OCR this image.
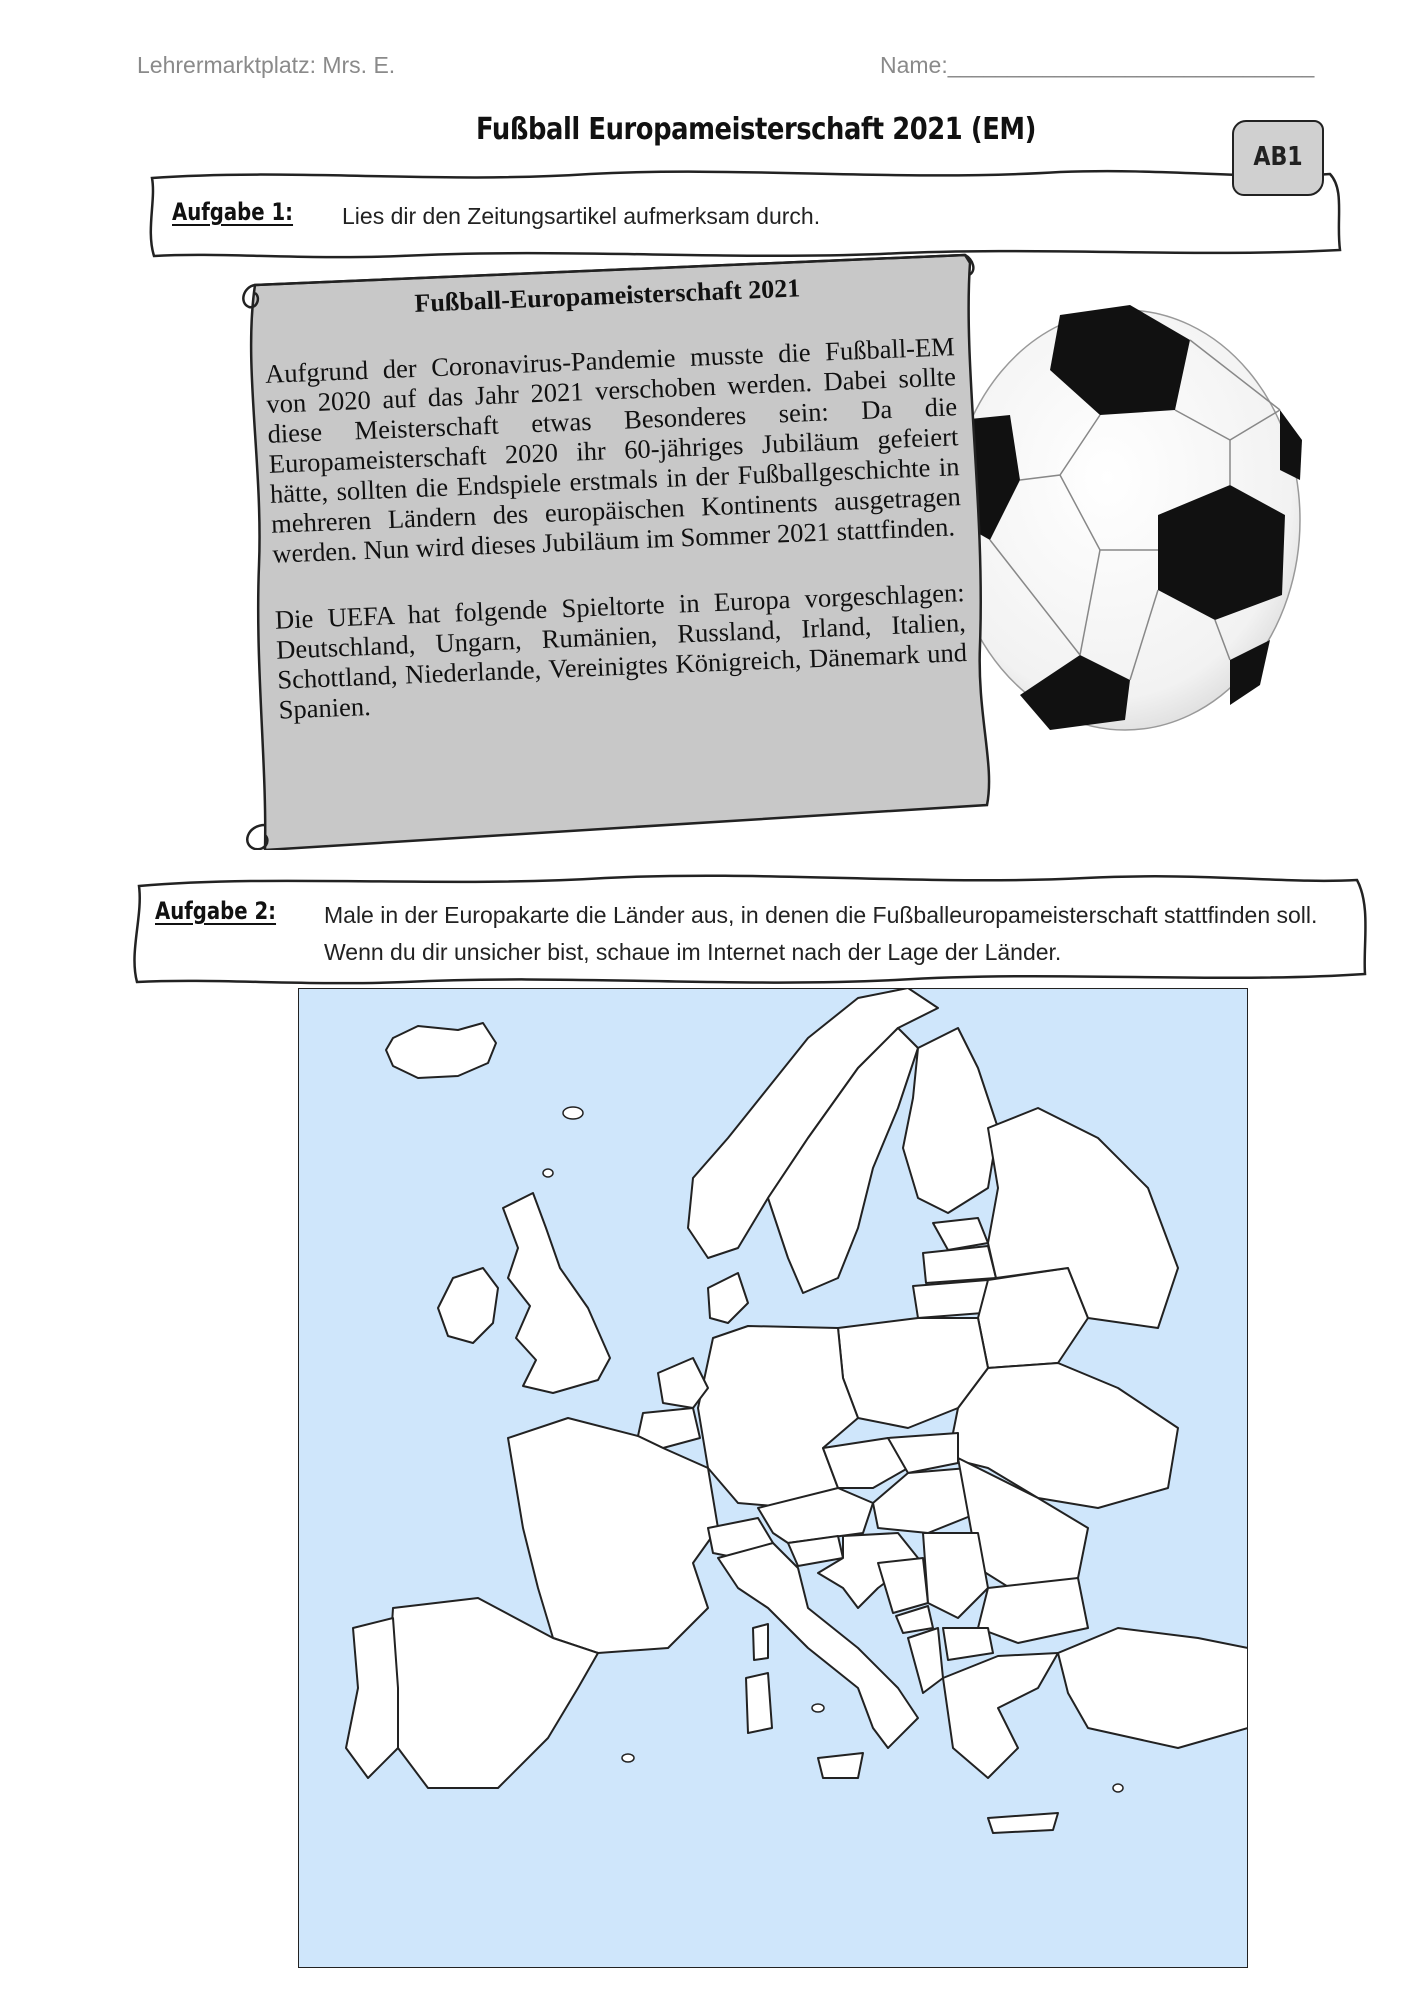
Lehrermarktplatz: Mrs. E.	Name:_______________________________
Fußball Europameisterschaft 2021 (EM)
Aufgabe 1: Lies dir den Zeitungsartikel aufmerksam durch.
AB1
Fußball-Europameisterschaft 2021
Aufgrund der Coronavirus-Pandemie musste die Fußball-EM von 2020 auf das Jahr 2021 verschoben werden. Dabei sollte diese Meisterschaft etwas Besonderes sein: Da die Europameisterschaft 2020 ihr 60-jähriges Jubiläum gefeiert hätte, sollten die Endspiele erstmals in der Fußballgeschichte in mehreren Ländern des europäischen Kontinents ausgetragen werden. Nun wird dieses Jubiläum im Sommer 2021 stattfinden.
Die UEFA hat folgende Spieltorte in Europa vorgeschlagen: Deutschland, Ungarn, Rumänien, Russland, Irland, Italien, Schottland, Niederlande, Vereinigtes Königreich, Dänemark und Spanien.
Aufgabe 2: Male in der Europakarte die Länder aus, in denen die Fußballeuropameisterschaft stattfinden soll. Wenn du dir unsicher bist, schaue im Internet nach der Lage der Länder.
